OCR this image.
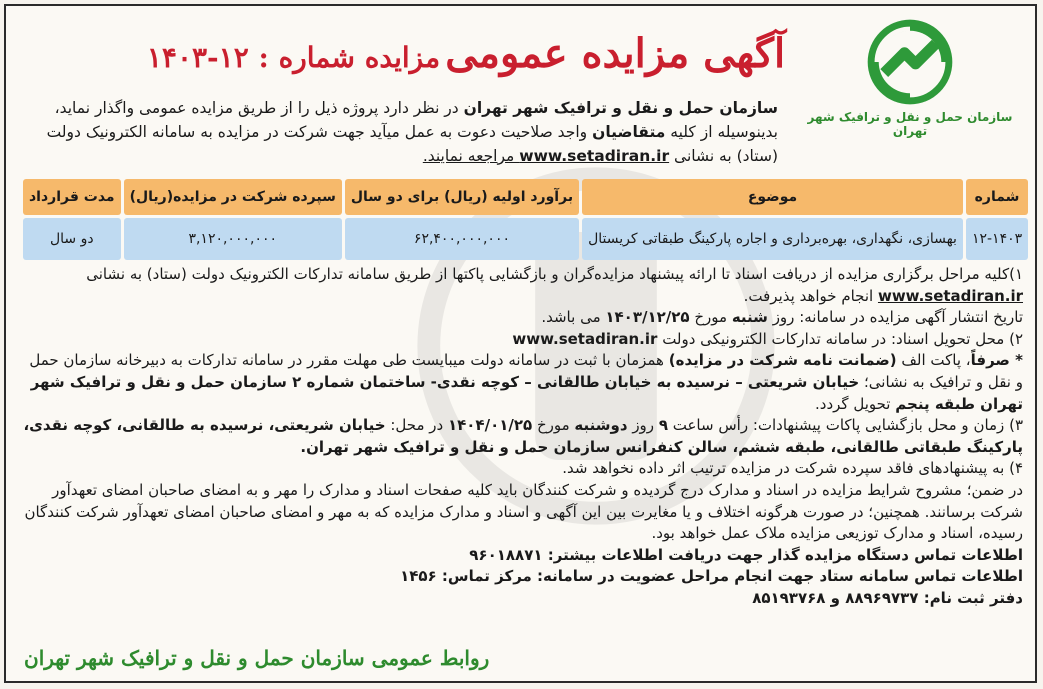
سازمان حمل و نقل و ترافیک شهر تهران
آگهی مزایده عمومی مزایده شماره : ۱۲-۱۴۰۳
سازمان حمل و نقل و ترافیک شهر تهران در نظر دارد پروژه ذیل را از طریق مزایده عمومی واگذار نماید، بدینوسیله از کلیه متقاضیان واجد صلاحیت دعوت به عمل میآید جهت شرکت در مزایده به سامانه الکترونیک دولت (ستاد) به نشانی www.setadiran.ir مراجعه نمایند.
شماره	موضوع	برآورد اولیه (ریال) برای دو سال	سپرده شرکت در مزایده(ریال)	مدت قرارداد
۱۲-۱۴۰۳	بهسازی، نگهداری، بهره‌برداری و اجاره پارکینگ طبقاتی کریستال	۶۲,۴۰۰,۰۰۰,۰۰۰	۳,۱۲۰,۰۰۰,۰۰۰	دو سال

۱)کلیه مراحل برگزاری مزایده از دریافت اسناد تا ارائه پیشنهاد مزایده‌گران و بازگشایی پاکتها از طریق سامانه تدارکات الکترونیک دولت (ستاد) به نشانی www.setadiran.ir انجام خواهد پذیرفت.

تاریخ انتشار آگهی مزایده در سامانه: روز شنبه مورخ ۱۴۰۳/۱۲/۲۵ می باشد.

۲) محل تحویل اسناد: در سامانه تدارکات الکترونیکی دولت www.setadiran.ir

* صرفاً، پاکت الف (ضمانت نامه شرکت در مزایده) همزمان با ثبت در سامانه دولت میبایست طی مهلت مقرر در سامانه تدارکات به دبیرخانه سازمان حمل و نقل و ترافیک به نشانی؛ خیابان شریعتی – نرسیده به خیابان طالقانی – کوچه نقدی- ساختمان شماره ۲ سازمان حمل و نقل و ترافیک شهر تهران طبقه پنجم تحویل گردد.

۳) زمان و محل بازگشایی پاکات پیشنهادات: رأس ساعت ۹ روز دوشنبه مورخ ۱۴۰۴/۰۱/۲۵ در محل: خیابان شریعتی، نرسیده به طالقانی، کوچه نقدی، پارکینگ طبقاتی طالقانی، طبقه ششم، سالن کنفرانس سازمان حمل و نقل و ترافیک شهر تهران.

۴) به پیشنهادهای فاقد سپرده شرکت در مزایده ترتیب اثر داده نخواهد شد.

در ضمن؛ مشروح شرایط مزایده در اسناد و مدارک درج گردیده و شرکت کنندگان باید کلیه صفحات اسناد و مدارک را مهر و به امضای صاحبان امضای تعهدآور شرکت برسانند. همچنین؛ در صورت هرگونه اختلاف و یا مغایرت بین این آگهی و اسناد و مدارک مزایده که به مهر و امضای صاحبان امضای تعهدآور شرکت کنندگان رسیده، اسناد و مدارک توزیعی مزایده ملاک عمل خواهد بود.

اطلاعات تماس دستگاه مزایده گذار جهت دریافت اطلاعات بیشتر: ۹۶۰۱۸۸۷۱

اطلاعات تماس سامانه ستاد جهت انجام مراحل عضویت در سامانه: مرکز تماس: ۱۴۵۶

دفتر ثبت نام: ۸۸۹۶۹۷۳۷ و ۸۵۱۹۳۷۶۸

روابط عمومی سازمان حمل و نقل و ترافیک شهر تهران
